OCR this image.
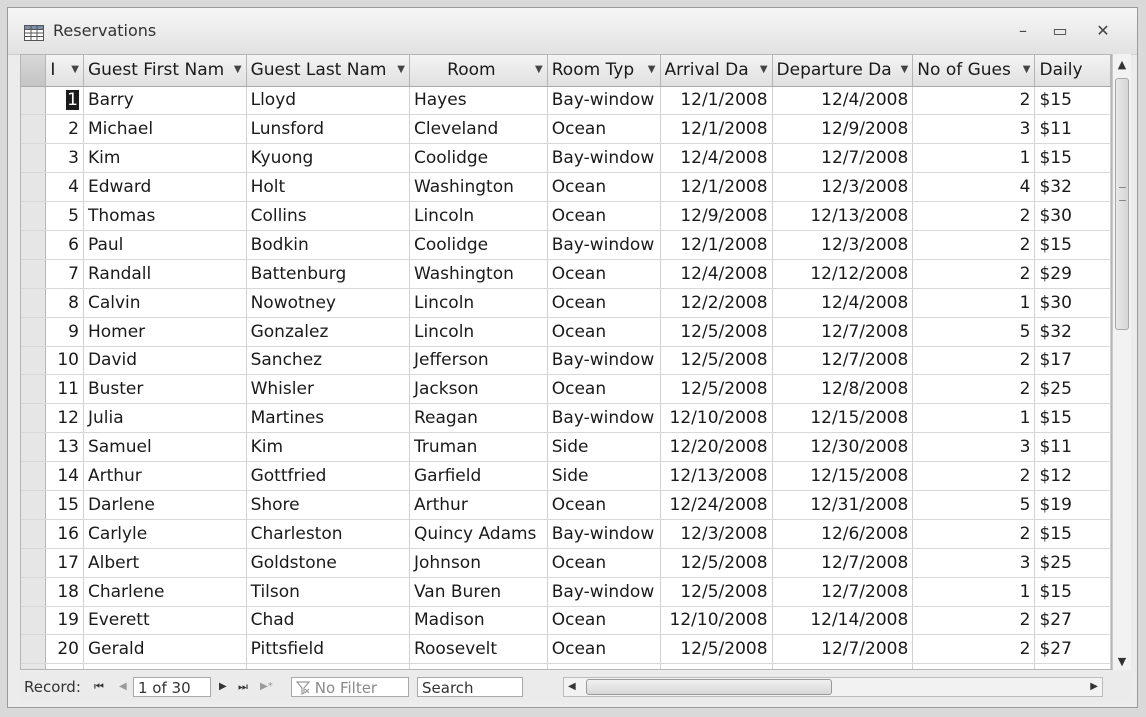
Reservations	–	▭	✕
	I ▼	Guest First Nam ▼	Guest Last Nam ▼	Room ▼	Room Typ ▼	Arrival Da ▼	Departure Da ▼	No of Gues ▼	Daily
	1	Barry	Lloyd	Hayes	Bay-window	12/1/2008	12/4/2008	2	$15
	2	Michael	Lunsford	Cleveland	Ocean	12/1/2008	12/9/2008	3	$11
	3	Kim	Kyuong	Coolidge	Bay-window	12/4/2008	12/7/2008	1	$15
	4	Edward	Holt	Washington	Ocean	12/1/2008	12/3/2008	4	$32
	5	Thomas	Collins	Lincoln	Ocean	12/9/2008	12/13/2008	2	$30
	6	Paul	Bodkin	Coolidge	Bay-window	12/1/2008	12/3/2008	2	$15
	7	Randall	Battenburg	Washington	Ocean	12/4/2008	12/12/2008	2	$29
	8	Calvin	Nowotney	Lincoln	Ocean	12/2/2008	12/4/2008	1	$30
	9	Homer	Gonzalez	Lincoln	Ocean	12/5/2008	12/7/2008	5	$32
	10	David	Sanchez	Jefferson	Bay-window	12/5/2008	12/7/2008	2	$17
	11	Buster	Whisler	Jackson	Ocean	12/5/2008	12/8/2008	2	$25
	12	Julia	Martines	Reagan	Bay-window	12/10/2008	12/15/2008	1	$15
	13	Samuel	Kim	Truman	Side	12/20/2008	12/30/2008	3	$11
	14	Arthur	Gottfried	Garfield	Side	12/13/2008	12/15/2008	2	$12
	15	Darlene	Shore	Arthur	Ocean	12/24/2008	12/31/2008	5	$19
	16	Carlyle	Charleston	Quincy Adams	Bay-window	12/3/2008	12/6/2008	2	$15
	17	Albert	Goldstone	Johnson	Ocean	12/5/2008	12/7/2008	3	$25
	18	Charlene	Tilson	Van Buren	Bay-window	12/5/2008	12/7/2008	1	$15
	19	Everett	Chad	Madison	Ocean	12/10/2008	12/14/2008	2	$27
	20	Gerald	Pittsfield	Roosevelt	Ocean	12/5/2008	12/7/2008	2	$27

▲
▼
Record: ⏮ ◀ 1 of 30	▶ ⏭ ▶*	No Filter	Search	◀	▶
